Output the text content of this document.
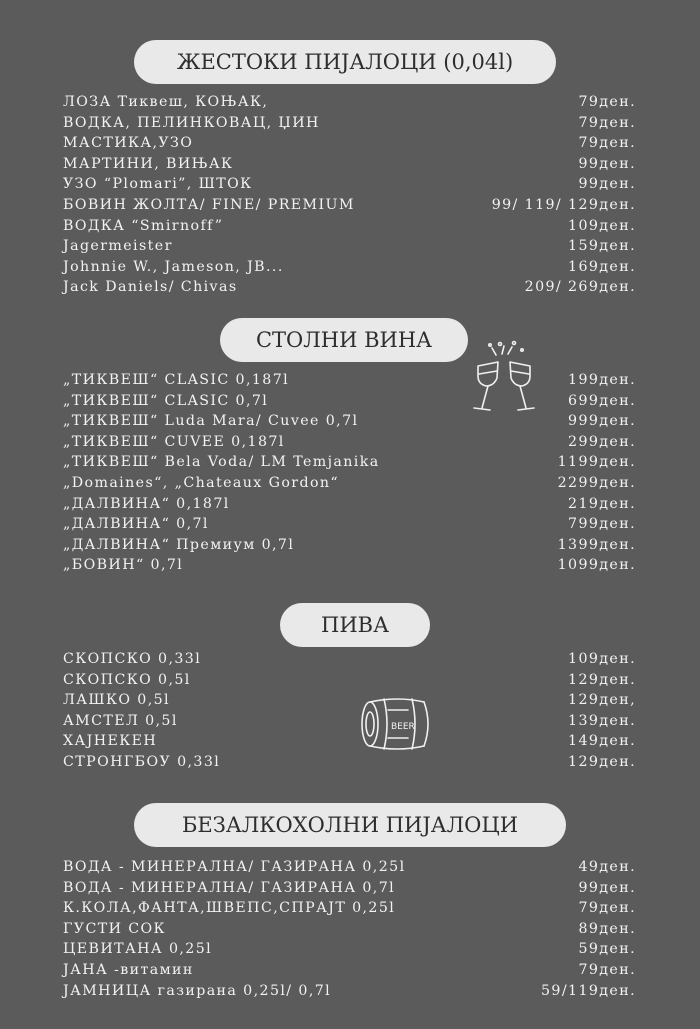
ЖЕСТОКИ ПИЈАЛОЦИ (0,04l)
ЛОЗА Тиквеш, КОЊАК,	79ден.
ВОДКА, ПЕЛИНКОВАЦ, ЏИН	79ден.
МАСТИКА,УЗО	79ден.
МАРТИНИ, ВИЊАК	99ден.
УЗО “Plomari”, ШТОК	99ден.
БОВИН ЖОЛТА/ FINE/ PREMIUM	99/ 119/ 129ден.
ВОДКА “Smirnoff”	109ден.
Jagermeister	159ден.
Johnnie W., Jameson, JB...	169ден.
Jack Daniels/ Chivas	209/ 269ден.
СТОЛНИ ВИНА
„ТИКВЕШ“ CLASIC 0,187l	199ден.
„ТИКВЕШ“ CLASIC 0,7l	699ден.
„ТИКВЕШ“ Luda Mara/ Cuvee 0,7l	999ден.
„ТИКВЕШ“ CUVEE 0,187l	299ден.
„ТИКВЕШ“ Bela Voda/ LM Temjanika	1199ден.
„Domaines“, „Chateaux Gordon“	2299ден.
„ДАЛВИНА“ 0,187l	219ден.
„ДАЛВИНА“ 0,7l	799ден.
„ДАЛВИНА“ Премиум 0,7l	1399ден.
„БОВИН“ 0,7l	1099ден.
ПИВА
BEER
СКОПСКО 0,33l	109ден.
СКОПСКО 0,5l	129ден.
ЛАШКО 0,5l	129ден,
АМСТЕЛ 0,5l	139ден.
ХАЈНЕКЕН	149ден.
СТРОНГБОУ 0,33l	129ден.
БЕЗАЛКОХОЛНИ ПИЈАЛОЦИ
ВОДА - МИНЕРАЛНА/ ГАЗИРАНА 0,25l	49ден.
ВОДА - МИНЕРАЛНА/ ГАЗИРАНА 0,7l	99ден.
К.КОЛА,ФАНТА,ШВЕПС,СПРАЈТ 0,25l	79ден.
ГУСТИ СОК	89ден.
ЦЕВИТАНА 0,25l	59ден.
ЈАНА -витамин	79ден.
ЈАМНИЦА газирана 0,25l/ 0,7l	59/119ден.
